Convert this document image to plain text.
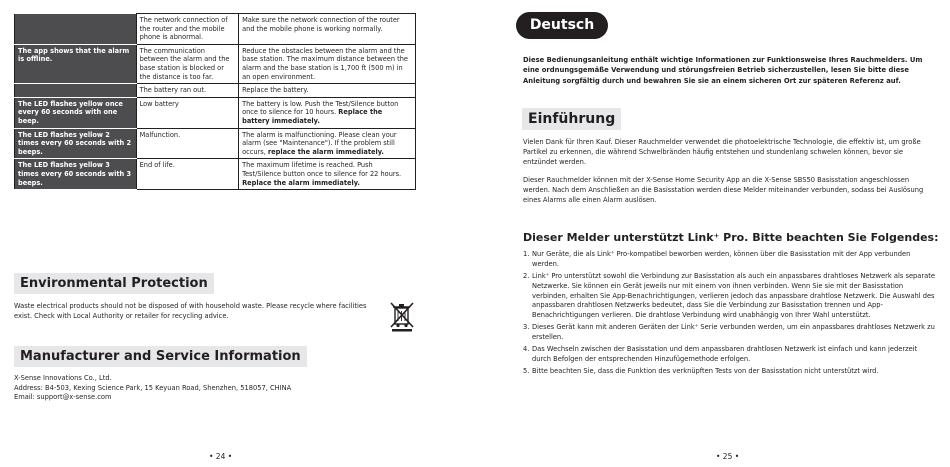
	The network connection of the router and the mobile phone is abnormal.	Make sure the network connection of the router and the mobile phone is working normally.
The app shows that the alarm is offline.	The communication between the alarm and the base station is blocked or the distance is too far.	Reduce the obstacles between the alarm and the base station. The maximum distance between the alarm and the base station is 1,700 ft (500 m) in an open environment.
	The battery ran out.	Replace the battery.
The LED flashes yellow once every 60 seconds with one beep.	Low battery	The battery is low. Push the Test/Silence button once to silence for 10 hours. Replace the battery immediately.
The LED flashes yellow 2 times every 60 seconds with 2 beeps.	Malfunction.	The alarm is malfunctioning. Please clean your alarm (see "Maintenance"). If the problem still occurs, replace the alarm immediately.
The LED flashes yellow 3 times every 60 seconds with 3 beeps.	End of life.	The maximum lifetime is reached. Push Test/Silence button once to silence for 22 hours. Replace the alarm immediately.
Environmental Protection
Waste electrical products should not be disposed of with household waste. Please recycle where facilities exist. Check with Local Authority or retailer for recycling advice.
Manufacturer and Service Information
X-Sense Innovations Co., Ltd.
Address: B4-503, Kexing Science Park, 15 Keyuan Road, Shenzhen, 518057, CHINA
Email: support@x-sense.com
• 24 •
Deutsch
Diese Bedienungsanleitung enthält wichtige Informationen zur Funktionsweise Ihres Rauchmelders. Um eine ordnungsgemäße Verwendung und störungsfreien Betrieb sicherzustellen, lesen Sie bitte diese Anleitung sorgfältig durch und bewahren Sie sie an einem sicheren Ort zur späteren Referenz auf.
Einführung
Vielen Dank für Ihren Kauf. Dieser Rauchmelder verwendet die photoelektrische Technologie, die effektiv ist, um große Partikel zu erkennen, die während Schwelbränden häufig entstehen und stundenlang schwelen können, bevor sie entzündet werden.
Dieser Rauchmelder können mit der X-Sense Home Security App an die X-Sense SBS50 Basisstation angeschlossen werden. Nach dem Anschließen an die Basisstation werden diese Melder miteinander verbunden, sodass bei Auslösung eines Alarms alle einen Alarm auslösen.
Dieser Melder unterstützt Link⁺ Pro. Bitte beachten Sie Folgendes:
1. Nur Geräte, die als Link⁺ Pro-kompatibel beworben werden, können über die Basisstation mit der App verbunden werden.
2. Link⁺ Pro unterstützt sowohl die Verbindung zur Basisstation als auch ein anpassbares drahtloses Netzwerk als separate Netzwerke. Sie können ein Gerät jeweils nur mit einem von ihnen verbinden. Wenn Sie sie mit der Basisstation verbinden, erhalten Sie App-Benachrichtigungen, verlieren jedoch das anpassbare drahtlose Netzwerk. Die Auswahl des anpassbaren drahtlosen Netzwerks bedeutet, dass Sie die Verbindung zur Basisstation trennen und App-Benachrichtigungen verlieren. Die drahtlose Verbindung wird unabhängig von Ihrer Wahl unterstützt.
3. Dieses Gerät kann mit anderen Geräten der Link⁺ Serie verbunden werden, um ein anpassbares drahtloses Netzwerk zu erstellen.
4. Das Wechseln zwischen der Basisstation und dem anpassbaren drahtlosen Netzwerk ist einfach und kann jederzeit durch Befolgen der entsprechenden Hinzufügemethode erfolgen.
5. Bitte beachten Sie, dass die Funktion des verknüpften Tests von der Basisstation nicht unterstützt wird.
• 25 •
